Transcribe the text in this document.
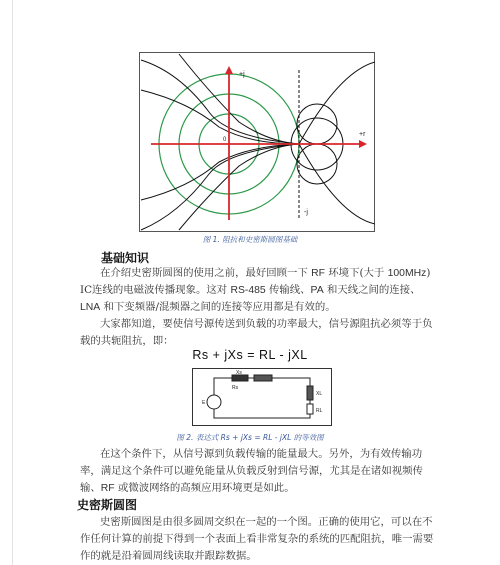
+j
+r
-j
0
图 1. 阻抗和史密斯圆图基础
基础知识
在介绍史密斯圆图的使用之前，最好回顾一下 RF 环境下(大于 100MHz) IC连线的电磁波传播现象。这对 RS-485 传输线、PA 和天线之间的连接、LNA 和下变频器/混频器之间的连接等应用都是有效的。
大家都知道，要使信号源传送到负载的功率最大，信号源阻抗必须等于负载的共轭阻抗，即：
Rs + jXs = RL - jXL
Xs
Rs
XL
RL
E
图 2. 表达式 Rs + jXs = RL - jXL 的等效图
在这个条件下，从信号源到负载传输的能量最大。另外，为有效传输功率，满足这个条件可以避免能量从负载反射到信号源，尤其是在诸如视频传输、RF 或微波网络的高频应用环境更是如此。
史密斯圆图
史密斯圆图是由很多圆周交织在一起的一个图。正确的使用它，可以在不作任何计算的前提下得到一个表面上看非常复杂的系统的匹配阻抗，唯一需要作的就是沿着圆周线读取并跟踪数据。
